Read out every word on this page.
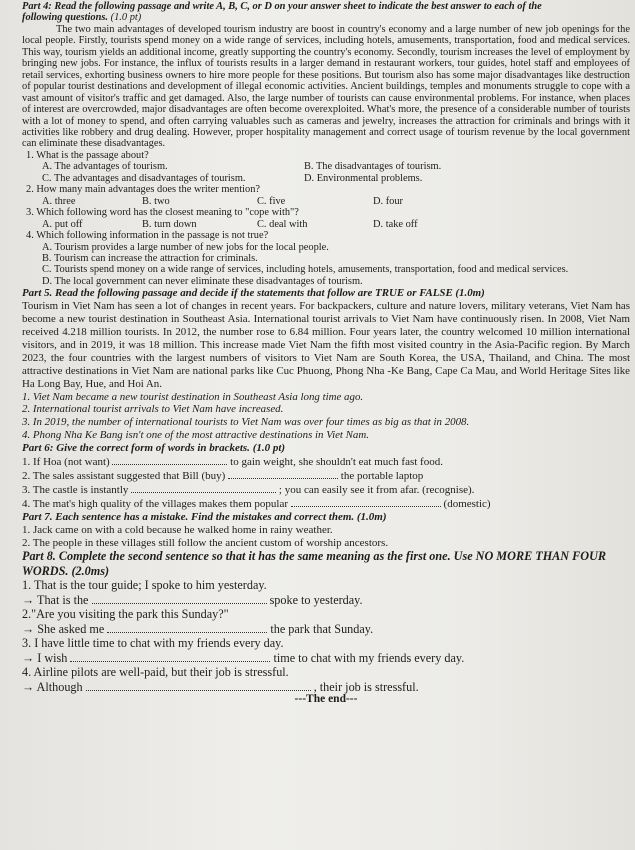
Part 4: Read the following passage and write A, B, C, or D on your answer sheet to indicate the best answer to each of the

following questions. (1.0 pt)

The two main advantages of developed tourism industry are boost in country's economy and a large number of new job openings for the local people. Firstly, tourists spend money on a wide range of services, including hotels, amusements, transportation, food and medical services. This way, tourism yields an additional income, greatly supporting the country's economy. Secondly, tourism increases the level of employment by bringing new jobs. For instance, the influx of tourists results in a larger demand in restaurant workers, tour guides, hotel staff and employees of retail services, exhorting business owners to hire more people for these positions. But tourism also has some major disadvantages like destruction of popular tourist destinations and development of illegal economic activities. Ancient buildings, temples and monuments struggle to cope with a vast amount of visitor's traffic and get damaged. Also, the large number of tourists can cause environmental problems. For instance, when places of interest are overcrowded, major disadvantages are often become overexploited. What's more, the presence of a considerable number of tourists with a lot of money to spend, and often carrying valuables such as cameras and jewelry, increases the attraction for criminals and brings with it activities like robbery and drug dealing. However, proper hospitality management and correct usage of tourism revenue by the local government can eliminate these disadvantages.

1. What is the passage about?

A. The advantages of tourism.	B. The disadvantages of tourism.
C. The advantages and disadvantages of tourism.	D. Environmental problems.

2. How many main advantages does the writer mention?

A. three	B. two	C. five	D. four

3. Which following word has the closest meaning to "cope with"?

A. put off	B. turn down	C. deal with	D. take off

4. Which following information in the passage is not true?

A. Tourism provides a large number of new jobs for the local people.

B. Tourism can increase the attraction for criminals.

C. Tourists spend money on a wide range of services, including hotels, amusements, transportation, food and medical services.

D. The local government can never eliminate these disadvantages of tourism.

Part 5. Read the following passage and decide if the statements that follow are TRUE or FALSE (1.0m)

Tourism in Viet Nam has seen a lot of changes in recent years. For backpackers, culture and nature lovers, military veterans, Viet Nam has become a new tourist destination in Southeast Asia. International tourist arrivals to Viet Nam have continuously risen. In 2008, Viet Nam received 4.218 million tourists. In 2012, the number rose to 6.84 million. Four years later, the country welcomed 10 million international visitors, and in 2019, it was 18 million. This increase made Viet Nam the fifth most visited country in the Asia-Pacific region. By March 2023, the four countries with the largest numbers of visitors to Viet Nam are South Korea, the USA, Thailand, and China. The most attractive destinations in Viet Nam are national parks like Cuc Phuong, Phong Nha -Ke Bang, Cape Ca Mau, and World Heritage Sites like Ha Long Bay, Hue, and Hoi An.

1. Viet Nam became a new tourist destination in Southeast Asia long time ago.

2. International tourist arrivals to Viet Nam have increased.

3. In 2019, the number of international tourists to Viet Nam was over four times as big as that in 2008.

4. Phong Nha Ke Bang isn't one of the most attractive destinations in Viet Nam.

Part 6: Give the correct form of words in brackets. (1.0 pt)

1. If Hoa (not want)	to gain weight, she shouldn't eat much fast food.

2. The sales assistant suggested that Bill (buy)	the portable laptop

3. The castle is instantly	; you can easily see it from afar. (recognise).

4. The mat's high quality of the villages makes them popular	(domestic)

Part 7. Each sentence has a mistake. Find the mistakes and correct them. (1.0m)

1. Jack came on with a cold because he walked home in rainy weather.

2. The people in these villages still follow the ancient custom of worship ancestors.

Part 8. Complete the second sentence so that it has the same meaning as the first one. Use NO MORE THAN FOUR WORDS. (2.0ms)

1. That is the tour guide; I spoke to him yesterday.

→ That is the	spoke to yesterday.

2."Are you visiting the park this Sunday?"

→ She asked me	the park that Sunday.

3. I have little time to chat with my friends every day.

→ I wish	time to chat with my friends every day.

4. Airline pilots are well-paid, but their job is stressful.

→ Although	, their job is stressful.

---The end---
